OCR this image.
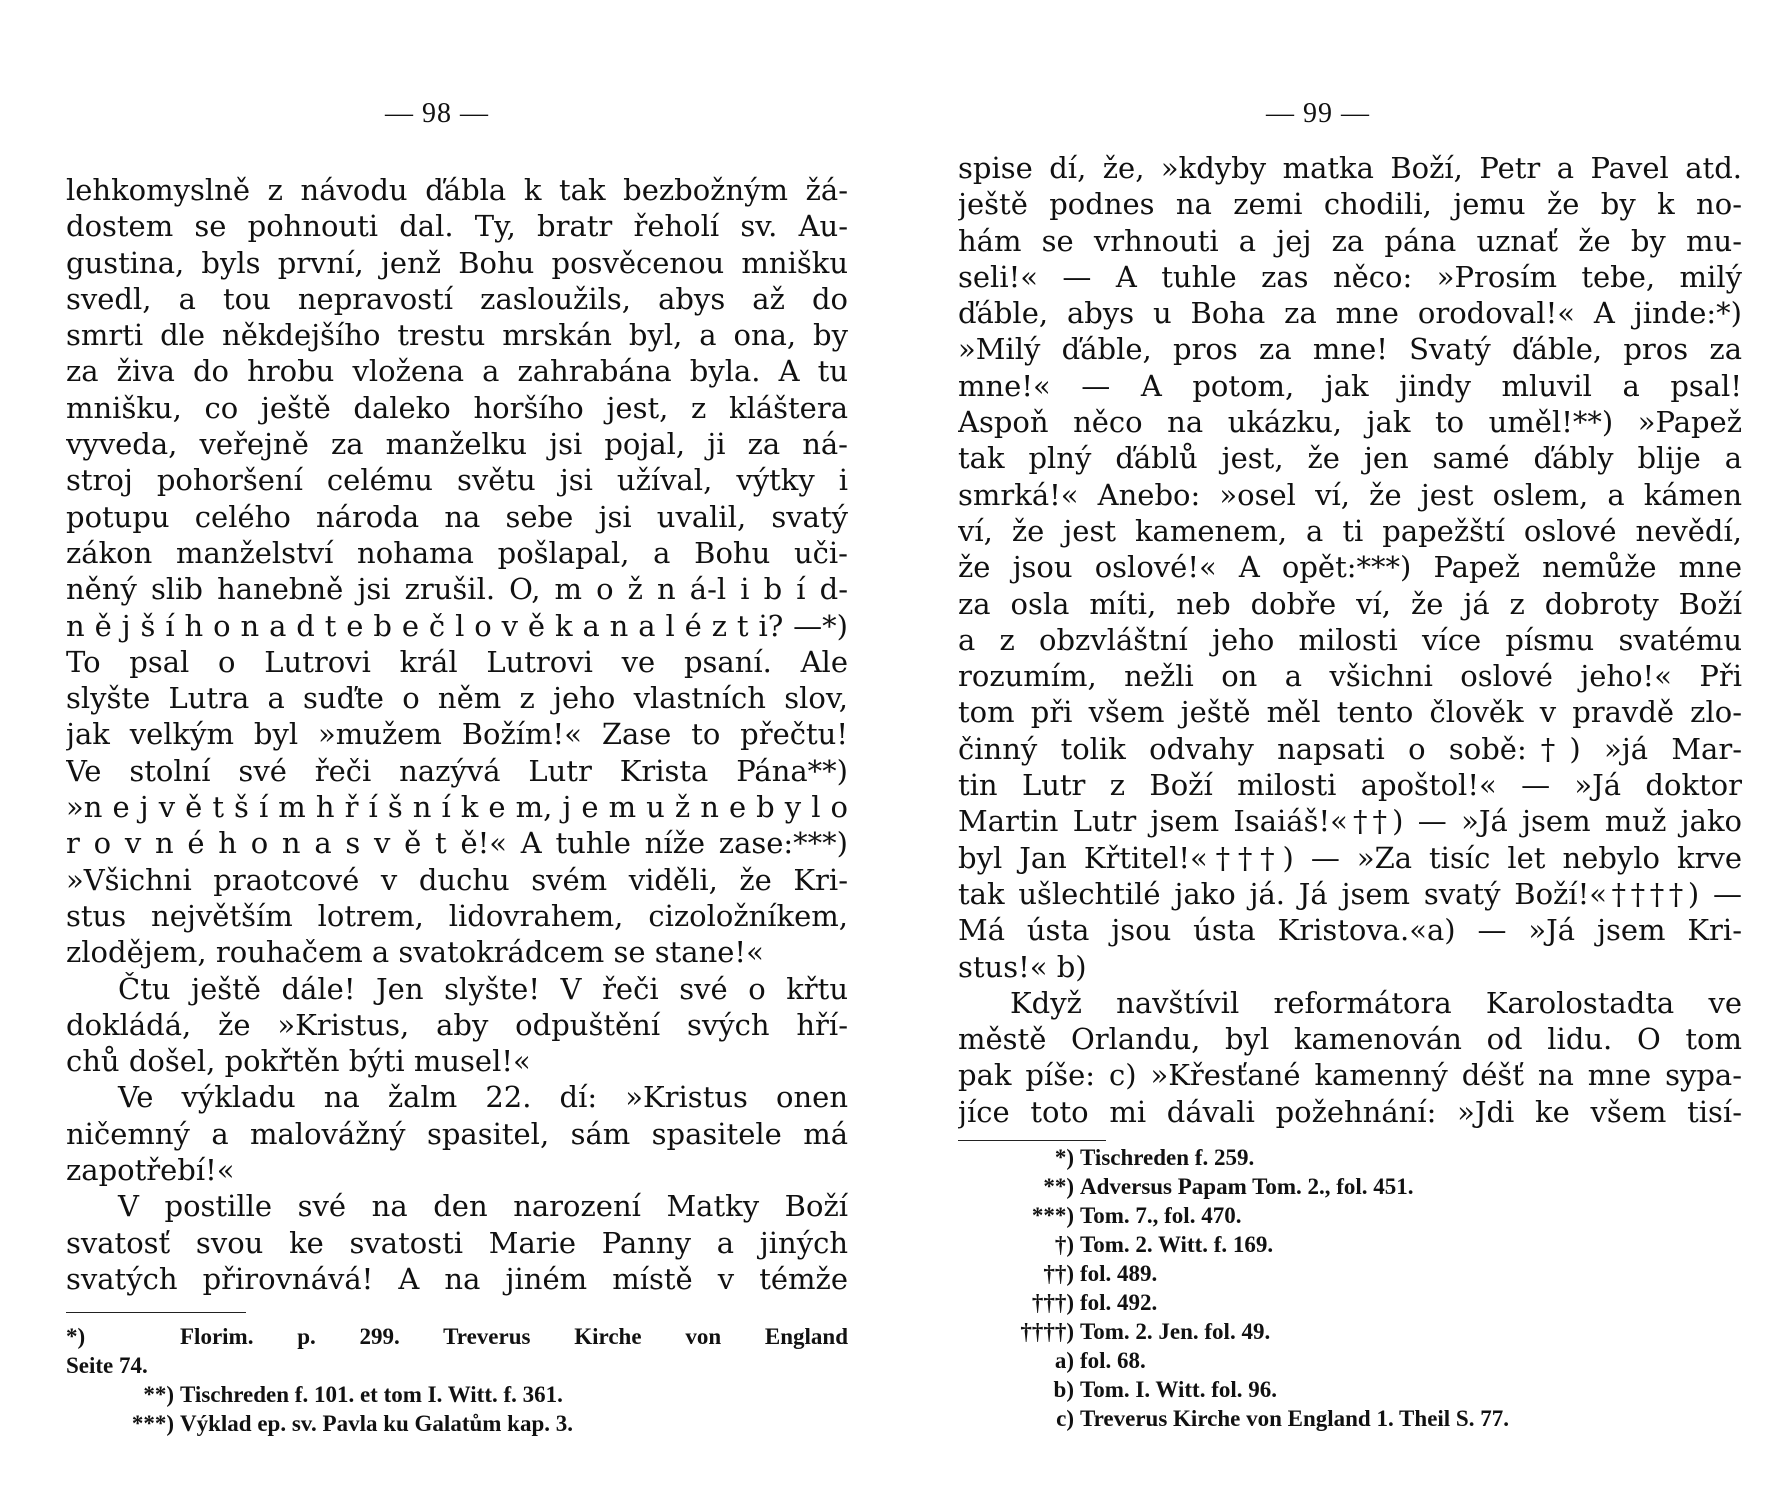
— 98 —
lehkomyslně z návodu ďábla k tak bezbožným žá-
dostem se pohnouti dal. Ty, bratr řeholí sv. Au-
gustina, byls první, jenž Bohu posvěcenou mnišku
svedl, a tou nepravostí zasloužils, abys až do
smrti dle někdejšího trestu mrskán byl, a ona, by
za živa do hrobu vložena a zahrabána byla. A tu
mnišku, co ještě daleko horšího jest, z kláštera
vyveda, veřejně za manželku jsi pojal, ji za ná-
stroj pohoršení celému světu jsi užíval, výtky i
potupu celého národa na sebe jsi uvalil, svatý
zákon manželství nohama pošlapal, a Bohu uči-
něný slib hanebně jsi zrušil. O, m o ž n á-l i b í d-
n ě j š í h o n a d t e b e č l o v ě k a n a l é z t i? —*)
To psal o Lutrovi král Lutrovi ve psaní. Ale
slyšte Lutra a suďte o něm z jeho vlastních slov,
jak velkým byl »mužem Božím!« Zase to přečtu!
Ve stolní své řeči nazývá Lutr Krista Pána**)
»n e j v ě t š í m h ř í š n í k e m, j e m u ž n e b y l o
r o v n é h o n a s v ě t ě!« A tuhle níže zase:***)
»Všichni praotcové v duchu svém viděli, že Kri-
stus největším lotrem, lidovrahem, cizoložníkem,
zlodějem, rouhačem a svatokrádcem se stane!«
Čtu ještě dále! Jen slyšte! V řeči své o křtu
dokládá, že »Kristus, aby odpuštění svých hří-
chů došel, pokřtěn býti musel!«
Ve výkladu na žalm 22. dí: »Kristus onen
ničemný a malovážný spasitel, sám spasitele má
zapotřebí!«
V postille své na den narození Matky Boží
svatosť svou ke svatosti Marie Panny a jiných
svatých přirovnává! A na jiném místě v témže
*)	Florim. p. 299. Treverus Kirche von England
Seite 74.
**) Tischreden f. 101. et tom I. Witt. f. 361.
***) Výklad ep. sv. Pavla ku Galatům kap. 3.
— 99 —
spise dí, že, »kdyby matka Boží, Petr a Pavel atd.
ještě podnes na zemi chodili, jemu že by k no-
hám se vrhnouti a jej za pána uznať že by mu-
seli!« — A tuhle zas něco: »Prosím tebe, milý
ďáble, abys u Boha za mne orodoval!« A jinde:*)
»Milý ďáble, pros za mne! Svatý ďáble, pros za
mne!« — A potom, jak jindy mluvil a psal!
Aspoň něco na ukázku, jak to uměl!**) »Papež
tak plný ďáblů jest, že jen samé ďábly blije a
smrká!« Anebo: »osel ví, že jest oslem, a kámen
ví, že jest kamenem, a ti papežští oslové nevědí,
že jsou oslové!« A opět:***) Papež nemůže mne
za osla míti, neb dobře ví, že já z dobroty Boží
a z obzvláštní jeho milosti více písmu svatému
rozumím, nežli on a všichni oslové jeho!« Při
tom při všem ještě měl tento člověk v pravdě zlo-
činný tolik odvahy napsati o sobě:†) »já Mar-
tin Lutr z Boží milosti apoštol!« — »Já doktor
Martin Lutr jsem Isaiáš!«††) — »Já jsem muž jako
byl Jan Křtitel!«†††) — »Za tisíc let nebylo krve
tak ušlechtilé jako já. Já jsem svatý Boží!«††††) —
Má ústa jsou ústa Kristova.«a) — »Já jsem Kri-
stus!« b)
Když navštívil reformátora Karolostadta ve
městě Orlandu, byl kamenován od lidu. O tom
pak píše: c) »Křesťané kamenný déšť na mne sypa-
jíce toto mi dávali požehnání: »Jdi ke všem tisí-
*) Tischreden f. 259.
**) Adversus Papam Tom. 2., fol. 451.
***) Tom. 7., fol. 470.
†) Tom. 2. Witt. f. 169.
††) fol. 489.
†††) fol. 492.
††††) Tom. 2. Jen. fol. 49.
a) fol. 68.
b) Tom. I. Witt. fol. 96.
c) Treverus Kirche von England 1. Theil S. 77.
